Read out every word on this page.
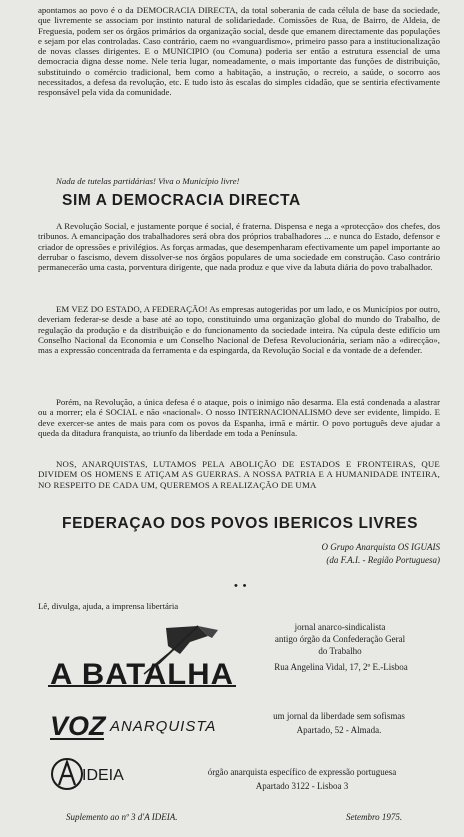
apontamos ao povo é o da DEMOCRACIA DIRECTA, da total soberania de cada célula de base da sociedade, que livremente se associam por instinto natural de solidariedade. Comissões de Rua, de Bairro, de Aldeia, de Freguesia, podem ser os órgãos primários da organização social, desde que emanem directamente das populações e sejam por elas controladas. Caso contrário, caem no «vanguardismo», primeiro passo para a institucionalização de novas classes dirigentes. E o MUNICIPIO (ou Comuna) poderia ser então a estrutura essencial de uma democracia digna desse nome. Nele teria lugar, nomeadamente, o mais importante das funções de distribuição, substituindo o comércio tradicional, bem como a habitação, a instrução, o recreio, a saúde, o socorro aos necessitados, a defesa da revolução, etc. E tudo isto às escalas do simples cidadão, que se sentiria efectivamente responsável pela vida da comunidade.

Nada de tutelas partidárias! Viva o Município livre!

SIM A DEMOCRACIA DIRECTA

A Revolução Social, e justamente porque é social, é fraterna. Dispensa e nega a «protecção» dos chefes, dos tribunos. A emancipação dos trabalhadores será obra dos próprios trabalhadores ... e nunca do Estado, defensor e criador de opressões e privilégios. As forças armadas, que desempenharam efectivamente um papel importante ao derrubar o fascismo, devem dissolver-se nos órgãos populares de uma sociedade em construção. Caso contrário permanecerão uma casta, porventura dirigente, que nada produz e que vive da labuta diária do povo trabalhador.

EM VEZ DO ESTADO, A FEDERAÇÃO! As empresas autogeridas por um lado, e os Municípios por outro, deveriam federar-se desde a base até ao topo, constituindo uma organização global do mundo do Trabalho, de regulação da produção e da distribuição e do funcionamento da sociedade inteira. Na cúpula deste edifício um Conselho Nacional da Economia e um Conselho Nacional de Defesa Revolucionária, seriam não a «direcção», mas a expressão concentrada da ferramenta e da espingarda, da Revolução Social e da vontade de a defender.

Porém, na Revolução, a única defesa é o ataque, pois o inimigo não desarma. Ela está condenada a alastrar ou a morrer; ela é SOCIAL e não «nacional». O nosso INTERNACIONALISMO deve ser evidente, limpido. E deve exercer-se antes de mais para com os povos da Espanha, irmã e mártir. O povo português deve ajudar a queda da ditadura franquista, ao triunfo da liberdade em toda a Península.

NOS, ANARQUISTAS, LUTAMOS PELA ABOLIÇÃO DE ESTADOS E FRONTEIRAS, QUE DIVIDEM OS HOMENS E ATIÇAM AS GUERRAS. A NOSSA PATRIA E A HUMANIDADE INTEIRA, NO RESPEITO DE CADA UM, QUEREMOS A REALIZAÇÃO DE UMA

FEDERAÇAO DOS POVOS IBERICOS LIVRES
O Grupo Anarquista OS IGUAIS
(da F.A.I. - Região Portuguesa)
• •
Lê, divulga, ajuda, a imprensa libertária
A BATALHA
jornal anarco-sindicalista
antigo órgão da Confederação Geral
do Trabalho
Rua Angelina Vidal, 17, 2º E.-Lisboa
VOZ ANARQUISTA
um jornal da liberdade sem sofismas
Apartado, 52 - Almada.
IDEIA	órgão anarquista específico de expressão portuguesa
Apartado 3122 - Lisboa 3
Suplemento ao nº 3 d'A IDEIA.	Setembro 1975.
